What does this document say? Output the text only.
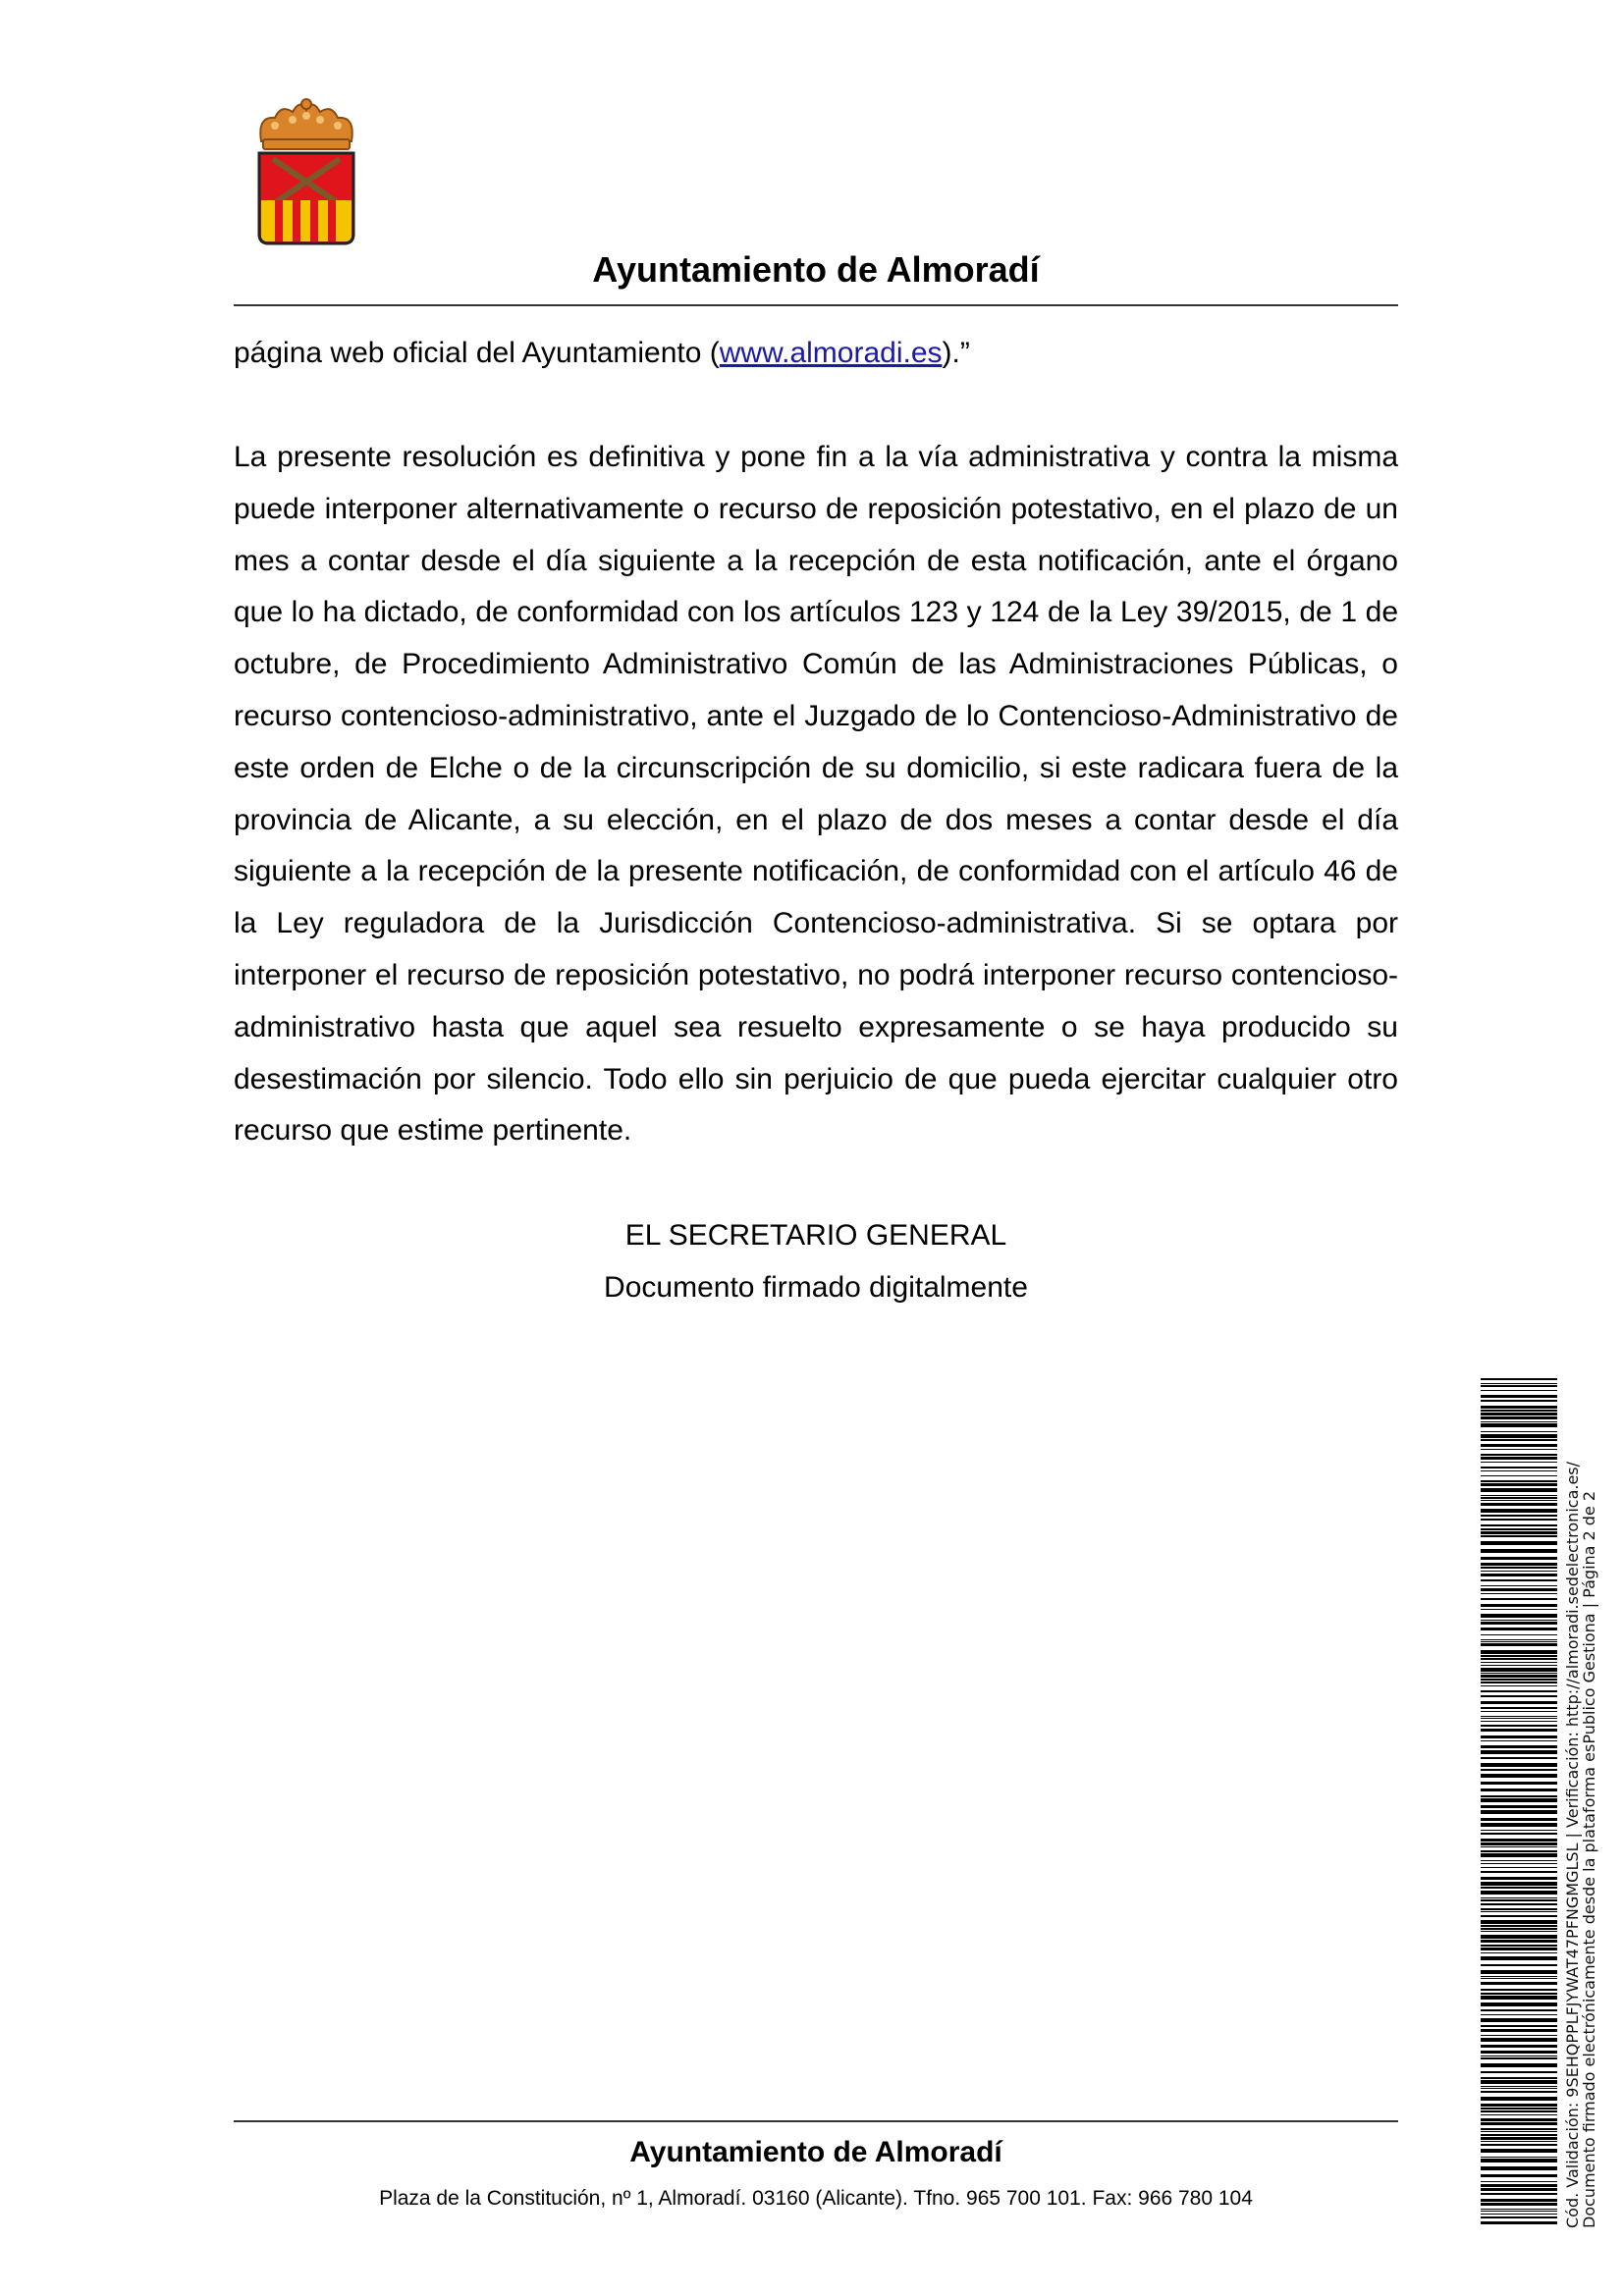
Ayuntamiento de Almoradí

página web oficial del Ayuntamiento (www.almoradi.es).”

La presente resolución es definitiva y pone fin a la vía administrativa y contra la misma puede interponer alternativamente o recurso de reposición potestativo, en el plazo de un mes a contar desde el día siguiente a la recepción de esta notificación, ante el órgano que lo ha dictado, de conformidad con los artículos 123 y 124 de la Ley 39/2015, de 1 de octubre, de Procedimiento Administrativo Común de las Administraciones Públicas, o recurso contencioso-administrativo, ante el Juzgado de lo Contencioso-Administrativo de este orden de Elche o de la circunscripción de su domicilio, si este radicara fuera de la provincia de Alicante, a su elección, en el plazo de dos meses a contar desde el día siguiente a la recepción de la presente notificación, de conformidad con el artículo 46 de la Ley reguladora de la Jurisdicción Contencioso-administrativa. Si se optara por interponer el recurso de reposición potestativo, no podrá interponer recurso contencioso-administrativo hasta que aquel sea resuelto expresamente o se haya producido su desestimación por silencio. Todo ello sin perjuicio de que pueda ejercitar cualquier otro recurso que estime pertinente.

EL SECRETARIO GENERAL
Documento firmado digitalmente
Ayuntamiento de Almoradí
Plaza de la Constitución, nº 1, Almoradí. 03160 (Alicante). Tfno. 965 700 101. Fax: 966 780 104	Cód. Validación: 9SEHQPPLFJYWAT47PFNGMGLSL | Verificación: http://almoradi.sedelectronica.es/
Documento firmado electrónicamente desde la plataforma esPublico Gestiona | Página 2 de 2
